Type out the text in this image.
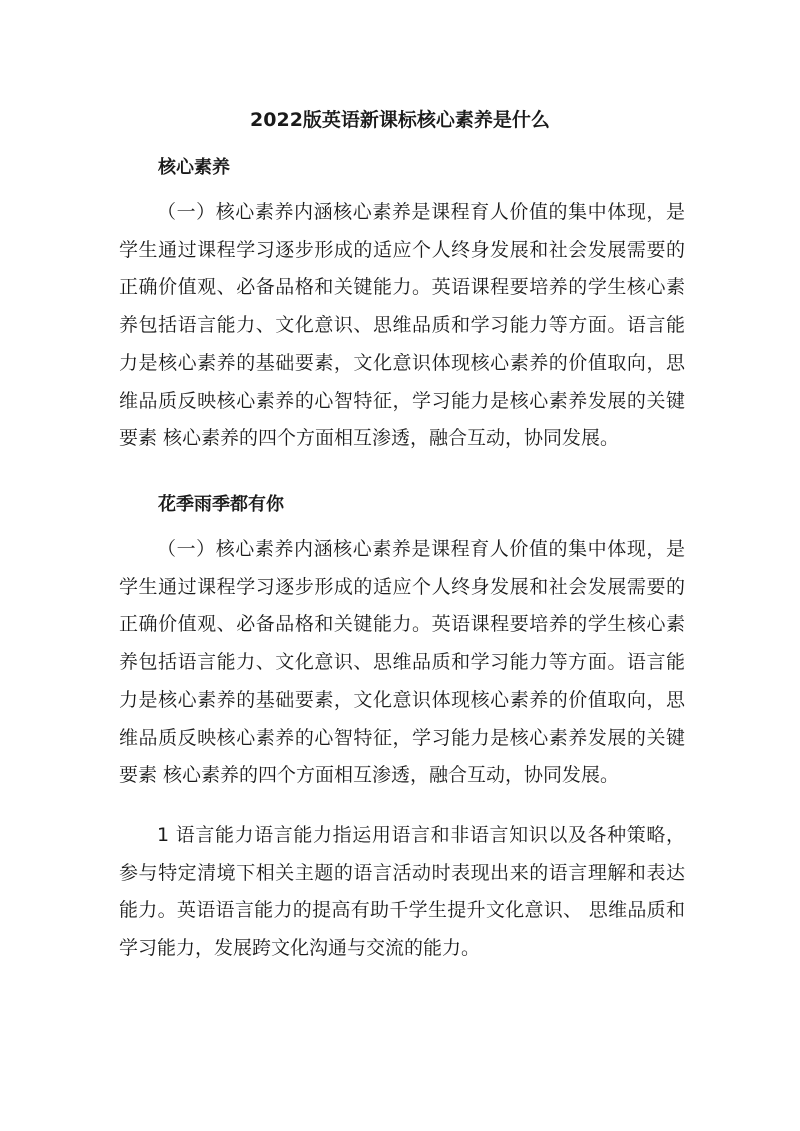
2022版英语新课标核心素养是什么
核心素养

（一）核心素养内涵核心素养是课程育人价值的集中体现，是
学生通过课程学习逐步形成的适应个人终身发展和社会发展需要的
正确价值观、必备品格和关键能力。英语课程要培养的学生核心素
养包括语言能力、文化意识、思维品质和学习能力等方面。语言能
力是核心素养的基础要素，文化意识体现核心素养的价值取向，思
维品质反映核心素养的心智特征，学习能力是核心素养发展的关键
要素 核心素养的四个方面相互渗透，融合互动，协同发展。

花季雨季都有你

（一）核心素养内涵核心素养是课程育人价值的集中体现，是
学生通过课程学习逐步形成的适应个人终身发展和社会发展需要的
正确价值观、必备品格和关键能力。英语课程要培养的学生核心素
养包括语言能力、文化意识、思维品质和学习能力等方面。语言能
力是核心素养的基础要素，文化意识体现核心素养的价值取向，思
维品质反映核心素养的心智特征，学习能力是核心素养发展的关键
要素 核心素养的四个方面相互渗透，融合互动，协同发展。

1 语言能力语言能力指运用语言和非语言知识以及各种策略，
参与特定清境下相关主题的语言活动时表现出来的语言理解和表达
能力。英语语言能力的提高有助千学生提升文化意识、 思维品质和
学习能力，发展跨文化沟通与交流的能力。
